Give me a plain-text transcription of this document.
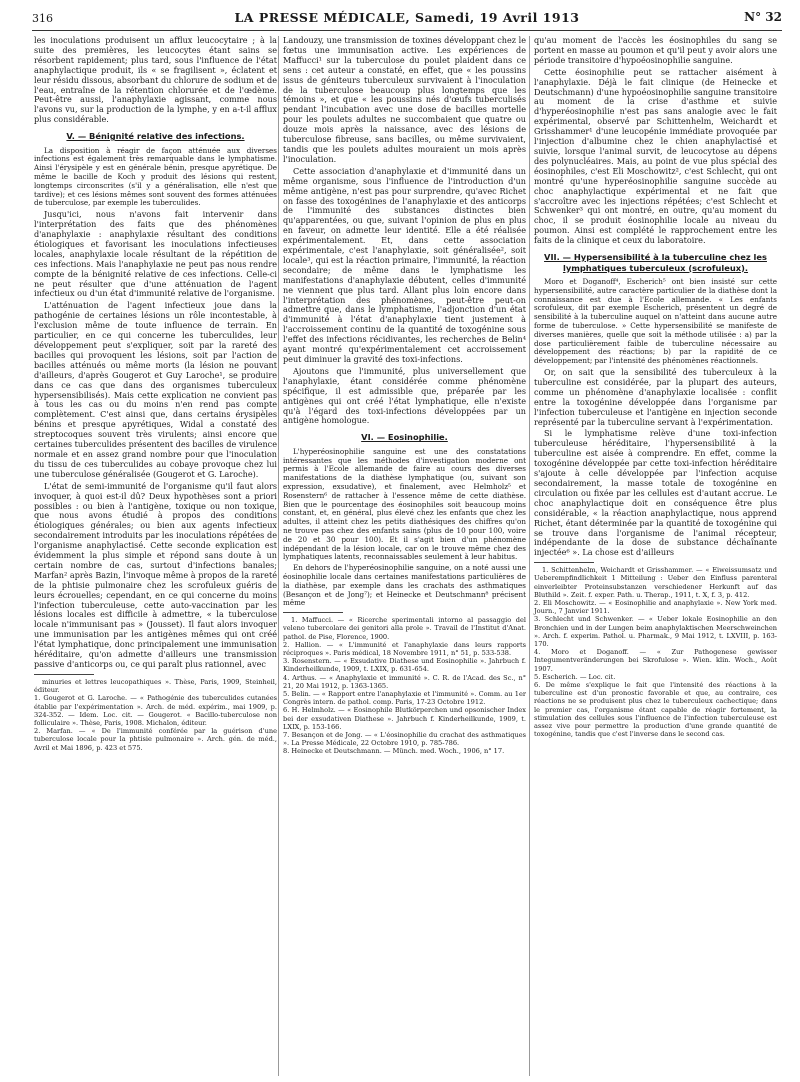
316	LA PRESSE MÉDICALE, Samedi, 19 Avril 1913	N° 32

les inoculations produisent un afflux leucocytaire ; à la suite des premières, les leucocytes étant sains se résorbent rapidement; plus tard, sous l'influence de l'état anaphylactique produit, ils « se fragilisent », éclatent et leur résidu dissous, absorbant du chlorure de sodium et de l'eau, entraîne de la rétention chlorurée et de l'œdème. Peut-être aussi, l'anaphylaxie agissant, comme nous l'avons vu, sur la production de la lymphe, y en a-t-il afflux plus considérable.

V. — Bénignité relative des infections.

La disposition à réagir de façon atténuée aux diverses infections est également très remarquable dans le lymphatisme. Ainsi l'érysipèle y est en générale bénin, presque apyrétique. De même le bacille de Koch y produit des lésions qui restent, longtemps circonscrites (s'il y a généralisation, elle n'est que tardive); et ces lésions mêmes sont souvent des formes atténuées de tuberculose, par exemple les tuberculides.

Jusqu'ici, nous n'avons fait intervenir dans l'interprétation des faits que des phénomènes d'anaphylaxie : anaphylaxie résultant des conditions étiologiques et favorisant les inoculations infectieuses locales, anaphylaxie locale résultant de la répétition de ces infections. Mais l'anaphylaxie ne peut pas nous rendre compte de la bénignité relative de ces infections. Celle-ci ne peut résulter que d'une atténuation de l'agent infectieux ou d'un état d'immunité relative de l'organisme.

L'atténuation de l'agent infectieux joue dans la pathogénie de certaines lésions un rôle incontestable, à l'exclusion même de toute influence de terrain. En particulier, en ce qui concerne les tuberculides, leur développement peut s'expliquer, soit par la rareté des bacilles qui provoquent les lésions, soit par l'action de bacilles atténués ou même morts (la lésion ne pouvant d'ailleurs, d'après Gougerot et Guy Laroche¹, se produire dans ce cas que dans des organismes tuberculeux hypersensibilisés). Mais cette explication ne convient pas à tous les cas ou du moins n'en rend pas compte complètement. C'est ainsi que, dans certains érysipèles bénins et presque apyrétiques, Widal a constaté des streptocoques souvent très virulents; ainsi encore que certaines tuberculides présentent des bacilles de virulence normale et en assez grand nombre pour que l'inoculation du tissu de ces tuberculides au cobaye provoque chez lui une tuberculose généralisée (Gougerot et G. Laroche).

L'état de semi-immunité de l'organisme qu'il faut alors invoquer, à quoi est-il dû? Deux hypothèses sont a priori possibles : ou bien à l'antigène, toxique ou non toxique, que nous avons étudié à propos des conditions étiologiques générales; ou bien aux agents infectieux secondairement introduits par les inoculations répétées de l'organisme anaphylactisé. Cette seconde explication est évidemment la plus simple et répond sans doute à un certain nombre de cas, surtout d'infections banales; Marfan² après Bazin, l'invoque même à propos de la rareté de la phtisie pulmonaire chez les scrofuleux guéris de leurs écrouelles; cependant, en ce qui concerne du moins l'infection tuberculeuse, cette auto-vaccination par les lésions locales est difficile à admettre, « la tuberculose locale n'immunisant pas » (Jousset). Il faut alors invoquer une immunisation par les antigènes mêmes qui ont créé l'état lymphatique, donc principalement une immunisation héréditaire, qu'on admette d'ailleurs une transmission passive d'anticorps ou, ce qui paraît plus rationnel, avec

minuries et lettres leucopathiques ». Thèse, Paris, 1909, Steinheil, éditeur.
1. Gougerot et G. Laroche. — « Pathogénie des tuberculides cutanées établie par l'expérimentation ». Arch. de méd. expérim., mai 1909, p. 324-352. — Idem. Loc. cit. — Gougerot. « Bacillo-tuberculose non folliculaire ». Thèse, Paris, 1908. Michalon, éditeur.
2. Marfan. — « De l'immunité conférée par la guérison d'une tuberculose locale pour la phtisie pulmonaire ». Arch. gén. de méd., Avril et Mai 1896, p. 423 et 575.

Landouzy, une transmission de toxines développant chez le fœtus une immunisation active. Les expériences de Maffucci¹ sur la tuberculose du poulet plaident dans ce sens : cet auteur a constaté, en effet, que « les poussins issus de géniteurs tuberculeux survivaient à l'inoculation de la tuberculose beaucoup plus longtemps que les témoins », et que « les poussins nés d'œufs tuberculisés pendant l'incubation avec une dose de bacilles mortelle pour les poulets adultes ne succombaient que quatre ou douze mois après la naissance, avec des lésions de tuberculose fibreuse, sans bacilles, ou même survivaient, tandis que les poulets adultes mouraient un mois après l'inoculation.

Cette association d'anaphylaxie et d'immunité dans un même organisme, sous l'influence de l'introduction d'un même antigène, n'est pas pour surprendre, qu'avec Richet on fasse des toxogénines de l'anaphylaxie et des anticorps de l'immunité des substances distinctes bien qu'apparentées, ou que, suivant l'opinion de plus en plus en faveur, on admette leur identité. Elle a été réalisée expérimentalement. Et, dans cette association expérimentale, c'est l'anaphylaxie, soit généralisée², soit locale³, qui est la réaction primaire, l'immunité, la réaction secondaire; de même dans le lymphatisme les manifestations d'anaphylaxie débutent, celles d'immunité ne viennent que plus tard. Allant plus loin encore dans l'interprétation des phénomènes, peut-être peut-on admettre que, dans le lymphatisme, l'adjonction d'un état d'immunité à l'état d'anaphylaxie tient justement à l'accroissement continu de la quantité de toxogénine sous l'effet des infections récidivantes, les recherches de Belin⁴ ayant montré qu'expérimentalement cet accroissement peut diminuer la gravité des toxi-infections.

Ajoutons que l'immunité, plus universellement que l'anaphylaxie, étant considérée comme phénomène spécifique, il est admissible que, préparée par les antigènes qui ont créé l'état lymphatique, elle n'existe qu'à l'égard des toxi-infections développées par un antigène homologue.

VI. — Eosinophilie.

L'hyperéosinophilie sanguine est une des constatations intéressantes que les méthodes d'investigation moderne ont permis à l'Ecole allemande de faire au cours des diverses manifestations de la diathèse lymphatique (ou, suivant son expression, exsudative), et finalement, avec Helmholz⁵ et Rosenstern⁶ de rattacher à l'essence même de cette diathèse. Bien que le pourcentage des éosinophiles soit beaucoup moins constant, et, en général, plus élevé chez les enfants que chez les adultes, il atteint chez les petits diathésiques des chiffres qu'on ne trouve pas chez des enfants sains (plus de 10 pour 100, voire de 20 et 30 pour 100). Et il s'agit bien d'un phénomène indépendant de la lésion locale, car on le trouve même chez des lymphatiques latents, reconnaissables seulement à leur habitus.

En dehors de l'hyperéosinophilie sanguine, on a noté aussi une éosinophilie locale dans certaines manifestations particulières de la diathèse, par exemple dans les crachats des asthmatiques (Besançon et de Jong⁷); et Heinecke et Deutschmann⁸ précisent même

1. Maffucci. — « Ricerche sperimentali intorno al passaggio del veleno tubercolare dei genitori alla prole ». Travail de l'Institut d'Anat. pathol. de Pise, Florence, 1900.
2. Hallion. — « L'immunité et l'anaphylaxie dans leurs rapports réciproques ». Paris médical, 18 Novembre 1911, n° 51, p. 533-538.
3. Rosenstern. — « Exsudative Diathese und Eosinophilie ». Jahrbuch f. Kinderheilkunde, 1909, t. LXIX, p. 631-654.
4. Arthus. — « Anaphylaxie et immunité ». C. R. de l'Acad. des Sc., n° 21, 20 Mai 1912, p. 1363-1365.
5. Belin. — « Rapport entre l'anaphylaxie et l'immunité ». Comm. au 1er Congrès intern. de pathol. comp. Paris, 17-23 Octobre 1912.
6. H. Helmholz. — « Eosinophile Blutkörperchen und opsonischer Index bei der exsudativen Diathese ». Jahrbuch f. Kinderheilkunde, 1909, t. LXIX, p. 153-166.
7. Besançon et de Jong. — « L'éosinophilie du crachat des asthmatiques ». La Presse Médicale, 22 Octobre 1910, p. 785-786.
8. Heinecke et Deutschmann. — Münch. med. Woch., 1906, n° 17.

qu'au moment de l'accès les éosinophiles du sang se portent en masse au poumon et qu'il peut y avoir alors une période transitoire d'hypoéosinophilie sanguine.

Cette éosinophilie peut se rattacher aisément à l'anaphylaxie. Déjà le fait clinique (de Heinecke et Deutschmann) d'une hypoéosinophilie sanguine transitoire au moment de la crise d'asthme et suivie d'hyperéosinophilie n'est pas sans analogie avec le fait expérimental, observé par Schittenhelm, Weichardt et Grisshammer¹ d'une leucopénie immédiate provoquée par l'injection d'albumine chez le chien anaphylactisé et suivie, lorsque l'animal survit, de leucocytose au dépens des polynucléaires. Mais, au point de vue plus spécial des éosinophiles, c'est Eli Moschowitz², c'est Schlecht, qui ont montré qu'une hyperéosinophilie sanguine succède au choc anaphylactique expérimental et ne fait que s'accroître avec les injections répétées; c'est Schlecht et Schwenker³ qui ont montré, en outre, qu'au moment du choc, il se produit éosinophilie locale au niveau du poumon. Ainsi est complété le rapprochement entre les faits de la clinique et ceux du laboratoire.

VII. — Hypersensibilité à la tuberculine chez les lymphatiques tuberculeux (scrofuleux).

Moro et Doganoff⁴, Escherich⁵ ont bien insisté sur cette hypersensibilité, autre caractère particulier de la diathèse dont la connaissance est due à l'Ecole allemande. « Les enfants scrofuleux, dit par exemple Escherich, présentent un degré de sensibilité à la tuberculine auquel on n'atteint dans aucune autre forme de tuberculose. » Cette hypersensibilité se manifeste de diverses manières, quelle que soit la méthode utilisée : a) par la dose particulièrement faible de tuberculine nécessaire au développement des réactions; b) par la rapidité de ce développement; par l'intensité des phénomènes réactionnels.

Or, on sait que la sensibilité des tuberculeux à la tuberculine est considérée, par la plupart des auteurs, comme un phénomène d'anaphylaxie localisée : conflit entre la toxogénine développée dans l'organisme par l'infection tuberculeuse et l'antigène en injection seconde représenté par la tuberculine servant à l'expérimentation.

Si le lymphatisme relève d'une toxi-infection tuberculeuse héréditaire, l'hypersensibilité à la tuberculine est aisée à comprendre. En effet, comme la toxogénine développée par cette toxi-infection héréditaire s'ajoute à celle développée par l'infection acquise secondairement, la masse totale de toxogénine en circulation ou fixée par les cellules est d'autant accrue. Le choc anaphylactique doit en conséquence être plus considérable, « la réaction anaphylactique, nous apprend Richet, étant déterminée par la quantité de toxogénine qui se trouve dans l'organisme de l'animal récepteur, indépendante de la dose de substance déchaînante injectée⁶ ». La chose est d'ailleurs

1. Schittenhelm, Weichardt et Grisshammer. — « Eiweissumsatz und Ueberempfindlichkeit 1 Mitteilung : Ueber den Einfluss parenteral einverleibter Proteinsubstanzen verschiedener Herkunft auf das Bluthild ». Zeit. f. exper. Path. u. Therap., 1911, t. X, f. 3, p. 412.
2. Eli Moschowitz. — « Eosinophilie and anaphylaxie ». New York med. Journ., 7 Janvier 1911.
3. Schlecht und Schwenker. — « Ueber lokale Eosinophilie an den Bronchien und in der Lungen beim anaphylaktischen Meerschweinchen ». Arch. f. experim. Pathol. u. Pharmak., 9 Mai 1912, t. LXVIII, p. 163-170.
4. Moro et Doganoff. — « Zur Pathogenese gewisser Integumentveränderungen bei Skrofulose ». Wien. klin. Woch., Août 1907.
5. Escherich. — Loc. cit.
6. De même s'explique le fait que l'intensité des réactions à la tuberculine est d'un pronostic favorable et que, au contraire, ces réactions ne se produisent plus chez le tuberculeux cachectique; dans le premier cas, l'organisme étant capable de réagir fortement, la stimulation des cellules sous l'influence de l'infection tuberculeuse est assez vive pour permettre la production d'une grande quantité de toxogénine, tandis que c'est l'inverse dans le second cas.
